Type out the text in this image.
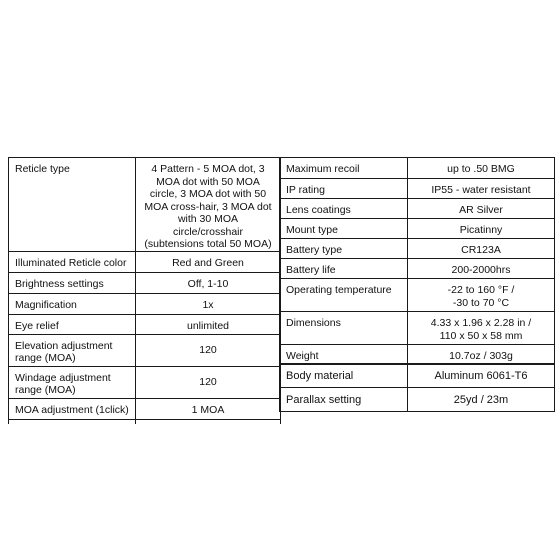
Reticle type	4 Pattern - 5 MOA dot, 3 MOA dot with 50 MOA circle, 3 MOA dot with 50 MOA cross-hair, 3 MOA dot with 30 MOA circle/crosshair (subtensions total 50 MOA)
Illuminated Reticle color	Red and Green
Brightness settings	Off, 1-10
Magnification	1x
Eye relief	unlimited
Elevation adjustment range (MOA)	120
Windage adjustment range (MOA)	120
MOA adjustment (1click)	1 MOA

Maximum recoil	up to .50 BMG
IP rating	IP55 - water resistant
Lens coatings	AR Silver
Mount type	Picatinny
Battery type	CR123A
Battery life	200-2000hrs
Operating temperature	-22 to 160 °F /
-30 to 70 °C

Dimensions	4.33 x 1.96 x 2.28 in /
110 x 50 x 58 mm

Weight	10.7oz / 303g
Body material	Aluminum 6061-T6
Parallax setting	25yd / 23m
